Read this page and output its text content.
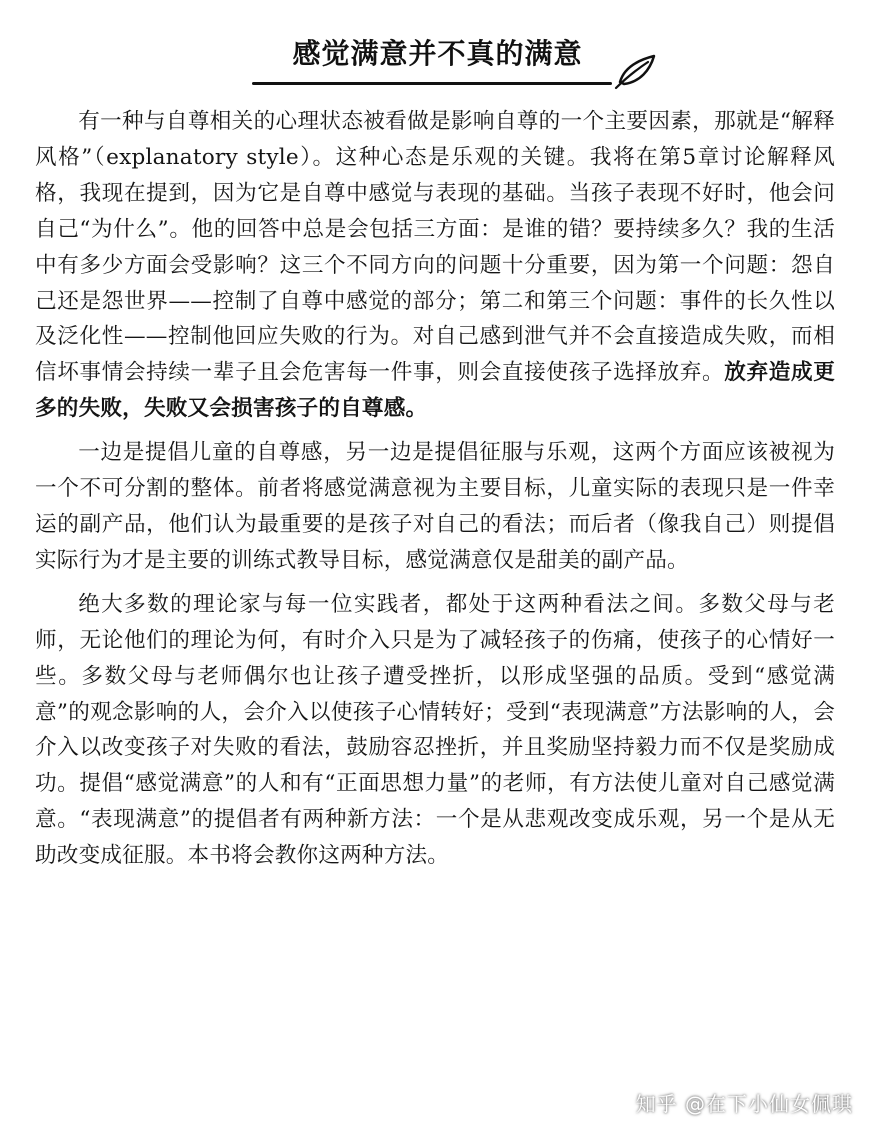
感觉满意并不真的满意

有一种与自尊相关的心理状态被看做是影响自尊的一个主要因素，那就是“解释风格”（explanatory style）。这种心态是乐观的关键。我将在第5章讨论解释风格，我现在提到，因为它是自尊中感觉与表现的基础。当孩子表现不好时，他会问自己“为什么”。他的回答中总是会包括三方面：是谁的错？要持续多久？我的生活中有多少方面会受影响？这三个不同方向的问题十分重要，因为第一个问题：怨自己还是怨世界——控制了自尊中感觉的部分；第二和第三个问题：事件的长久性以及泛化性——控制他回应失败的行为。对自己感到泄气并不会直接造成失败，而相信坏事情会持续一辈子且会危害每一件事，则会直接使孩子选择放弃。放弃造成更多的失败，失败又会损害孩子的自尊感。

一边是提倡儿童的自尊感，另一边是提倡征服与乐观，这两个方面应该被视为一个不可分割的整体。前者将感觉满意视为主要目标，儿童实际的表现只是一件幸运的副产品，他们认为最重要的是孩子对自己的看法；而后者（像我自己）则提倡实际行为才是主要的训练式教导目标，感觉满意仅是甜美的副产品。

绝大多数的理论家与每一位实践者，都处于这两种看法之间。多数父母与老师，无论他们的理论为何，有时介入只是为了减轻孩子的伤痛，使孩子的心情好一些。多数父母与老师偶尔也让孩子遭受挫折，以形成坚强的品质。受到“感觉满意”的观念影响的人，会介入以使孩子心情转好；受到“表现满意”方法影响的人，会介入以改变孩子对失败的看法，鼓励容忍挫折，并且奖励坚持毅力而不仅是奖励成功。提倡“感觉满意”的人和有“正面思想力量”的老师，有方法使儿童对自己感觉满意。“表现满意”的提倡者有两种新方法：一个是从悲观改变成乐观，另一个是从无助改变成征服。本书将会教你这两种方法。

知乎 @在下小仙女佩琪
